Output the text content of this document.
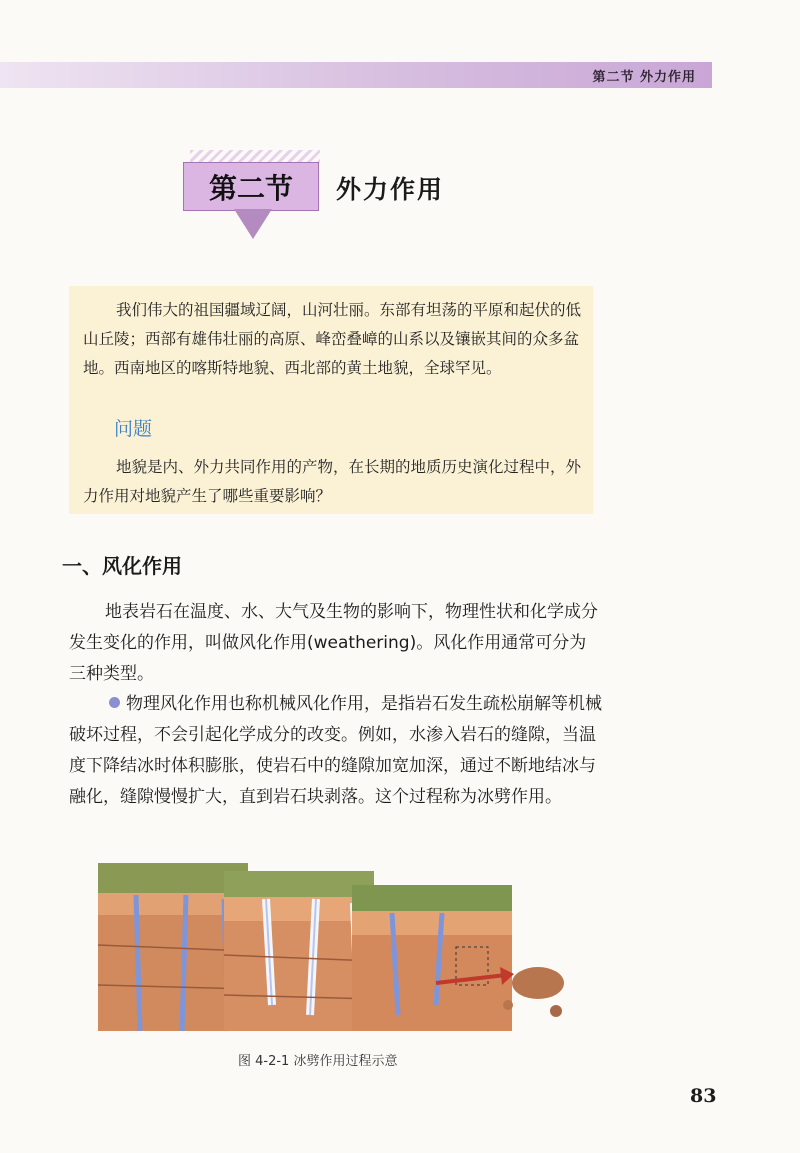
第二节 外力作用
第二节 外力作用
我们伟大的祖国疆域辽阔，山河壮丽。东部有坦荡的平原和起伏的低山丘陵；西部有雄伟壮丽的高原、峰峦叠嶂的山系以及镶嵌其间的众多盆地。西南地区的喀斯特地貌、西北部的黄土地貌，全球罕见。
问题
地貌是内、外力共同作用的产物，在长期的地质历史演化过程中，外力作用对地貌产生了哪些重要影响？
一、风化作用
地表岩石在温度、水、大气及生物的影响下，物理性状和化学成分发生变化的作用，叫做风化作用(weathering)。风化作用通常可分为三种类型。
物理风化作用也称机械风化作用，是指岩石发生疏松崩解等机械破坏过程，不会引起化学成分的改变。例如，水渗入岩石的缝隙，当温度下降结冰时体积膨胀，使岩石中的缝隙加宽加深，通过不断地结冰与融化，缝隙慢慢扩大，直到岩石块剥落。这个过程称为冰劈作用。
图 4-2-1 冰劈作用过程示意
83
